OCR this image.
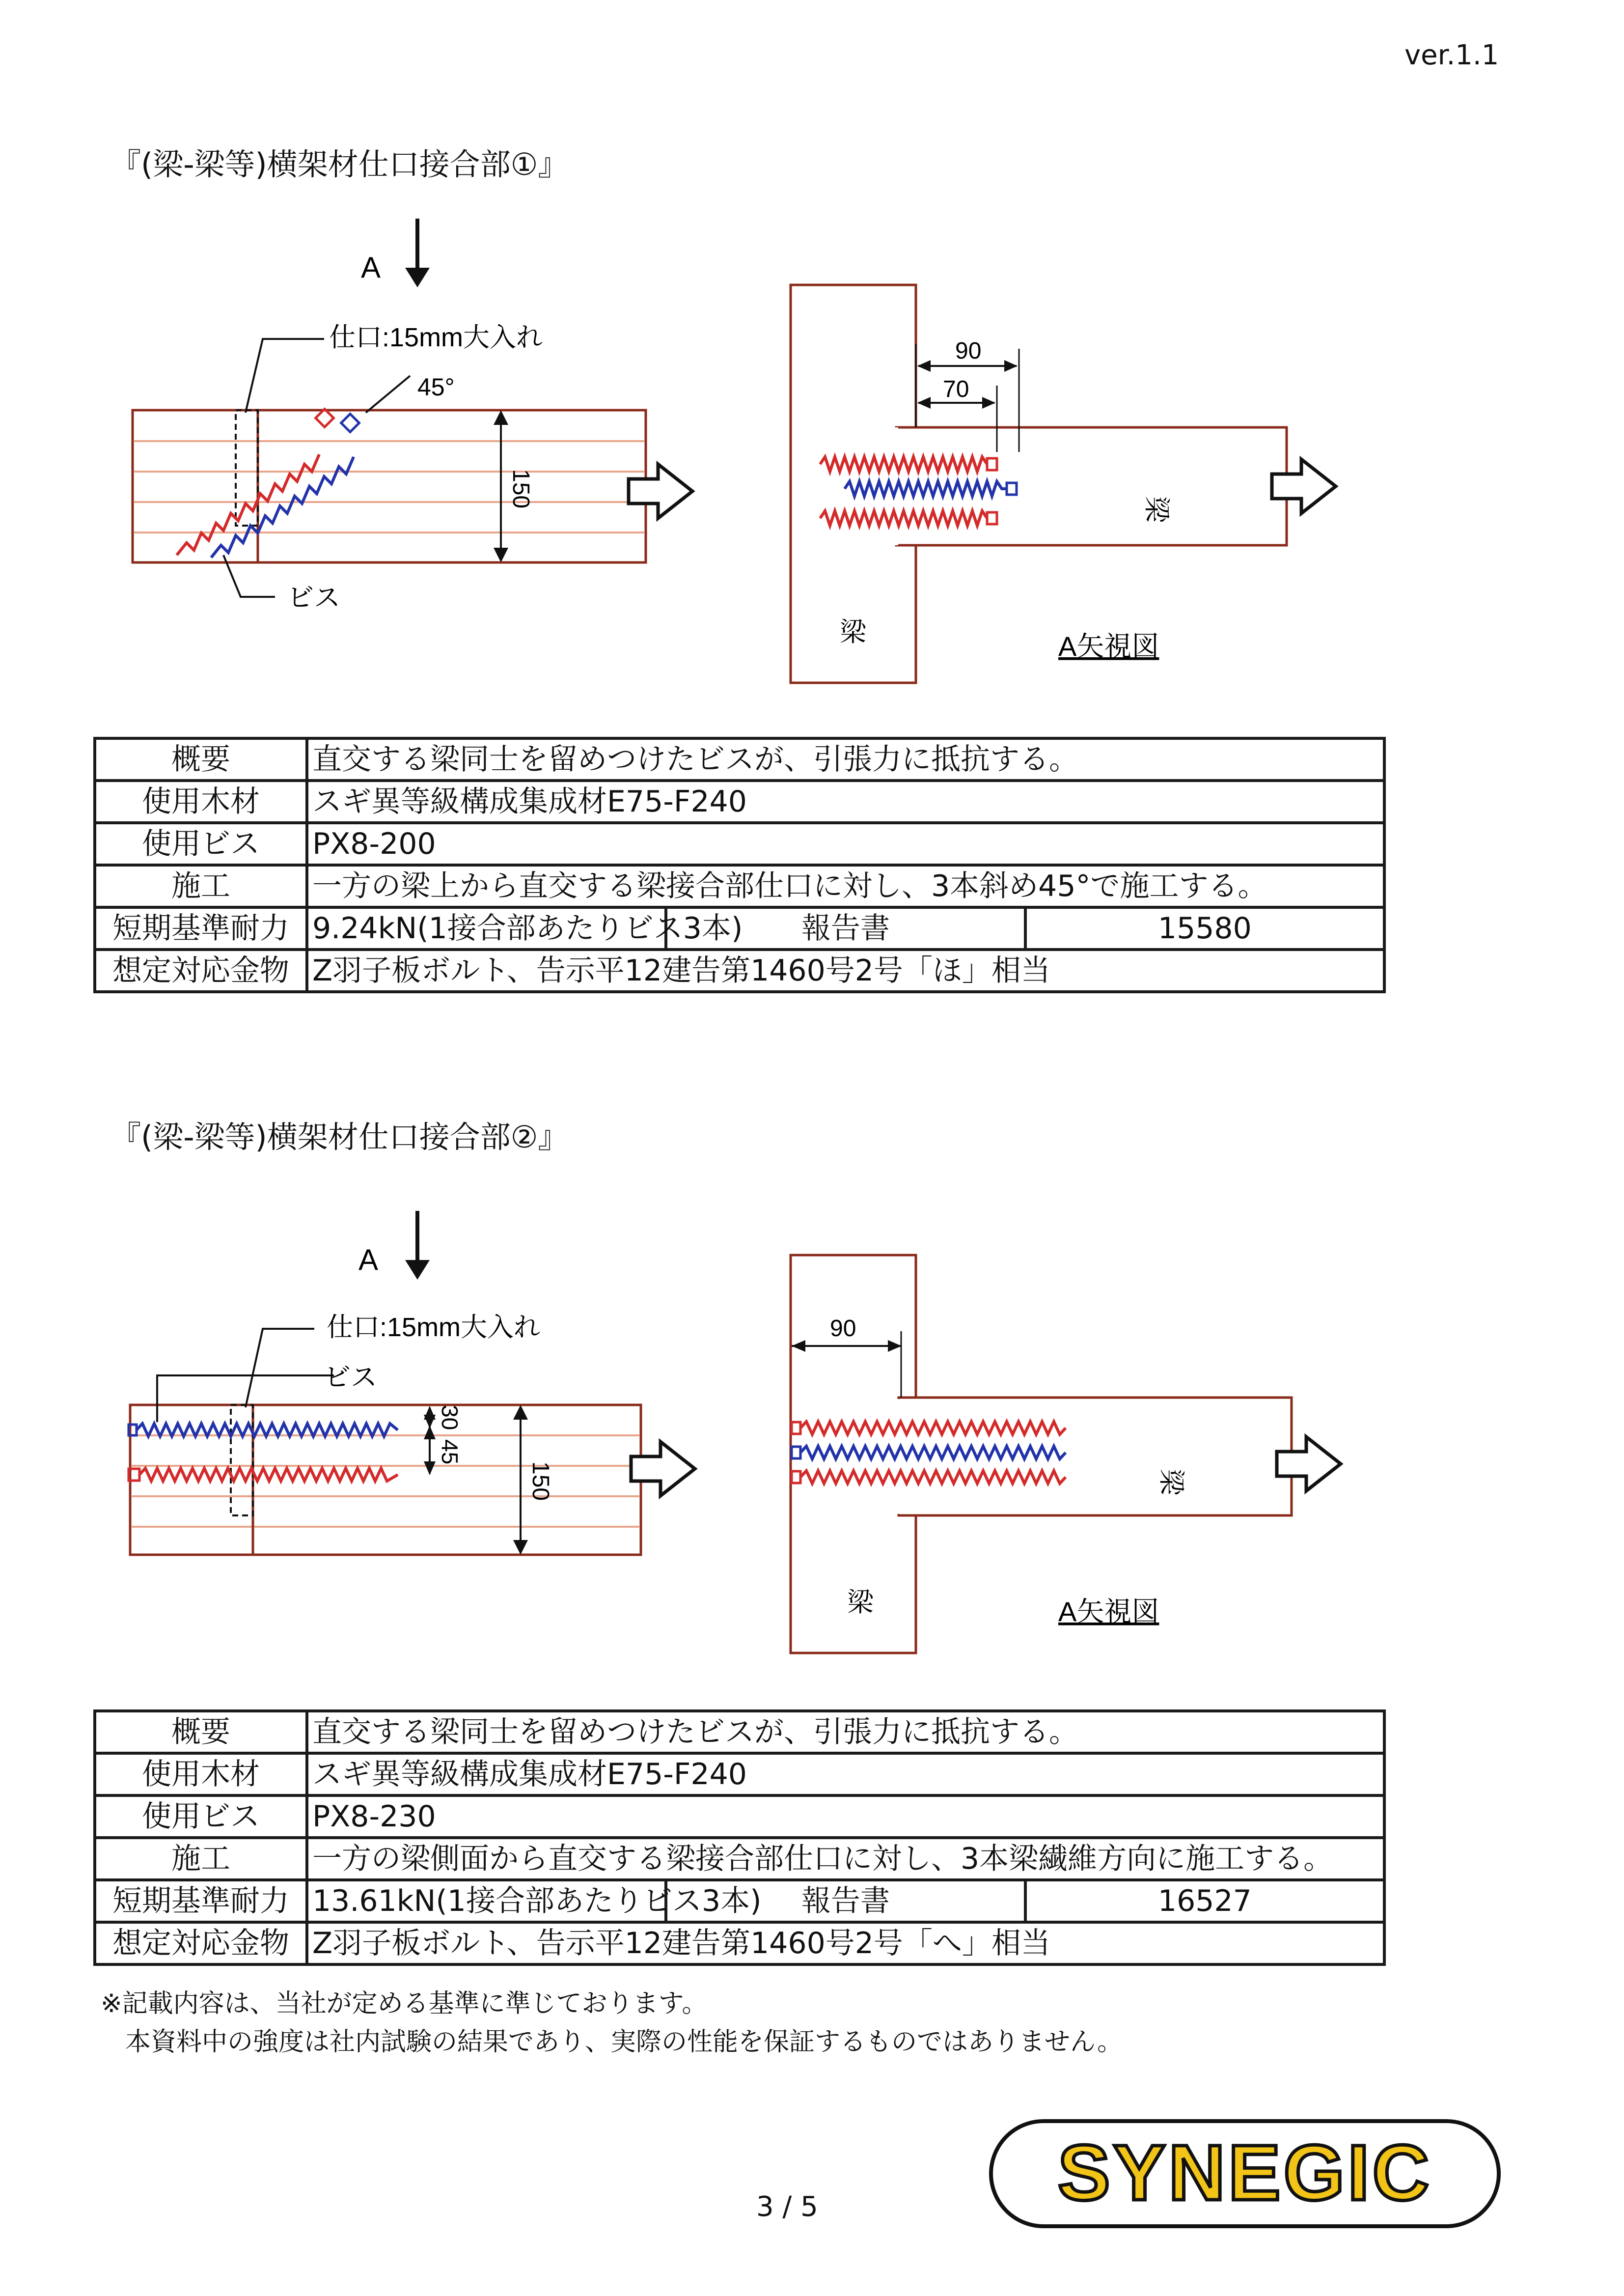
ver.1.1
『(梁-梁等)横架材仕口接合部①』
A
仕口:15mm大入れ
45°
ビス
150
90
70
梁
梁	A矢視図
概要	直交する梁同士を留めつけたビスが、引張力に抵抗する。		
使用木材	スギ異等級構成集成材E75-F240		
使用ビス	PX8-200		
施工	一方の梁上から直交する梁接合部仕口に対し、3本斜め45°で施工する。		
短期基準耐力	9.24kN(1接合部あたりビス3本)	報告書	15580
想定対応金物	Z羽子板ボルト、告示平12建告第1460号2号「ほ」相当		
『(梁-梁等)横架材仕口接合部②』
A
仕口:15mm大入れ
ビス
30
45
150
90
梁
梁	A矢視図
概要	直交する梁同士を留めつけたビスが、引張力に抵抗する。		
使用木材	スギ異等級構成集成材E75-F240		
使用ビス	PX8-230		
施工	一方の梁側面から直交する梁接合部仕口に対し、3本梁繊維方向に施工する。		
短期基準耐力	13.61kN(1接合部あたりビス3本)	報告書	16527
想定対応金物	Z羽子板ボルト、告示平12建告第1460号2号「へ」相当		
※記載内容は、当社が定める基準に準じております。
本資料中の強度は社内試験の結果であり、実際の性能を保証するものではありません。
3 / 5	SYNEGIC
